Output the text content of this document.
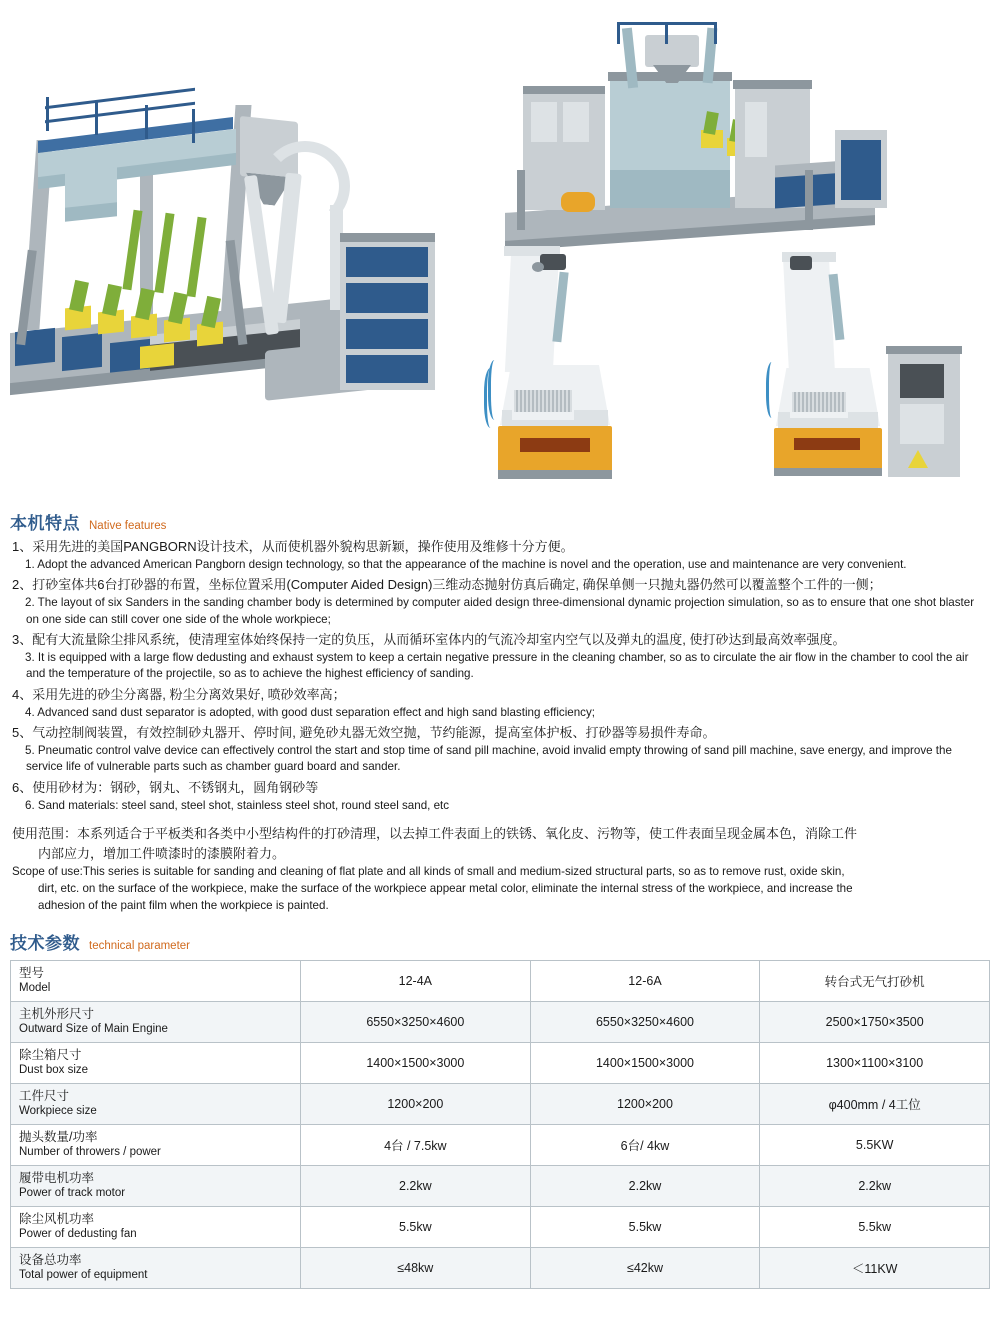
本机特点 Native features
1、采用先进的美国PANGBORN设计技术，从而使机器外貌构思新颖，操作使用及维修十分方便。
1. Adopt the advanced American Pangborn design technology, so that the appearance of the machine is novel and the operation, use and maintenance are very convenient.
2、打砂室体共6台打砂器的布置，坐标位置采用(Computer Aided Design)三维动态抛射仿真后确定, 确保单侧一只抛丸器仍然可以覆盖整个工件的一侧；
2. The layout of six Sanders in the sanding chamber body is determined by computer aided design three-dimensional dynamic projection simulation, so as to ensure that one shot blaster on one side can still cover one side of the whole workpiece;
3、配有大流量除尘排风系统，使清理室体始终保持一定的负压，从而循环室体内的气流冷却室内空气以及弹丸的温度, 使打砂达到最高效率强度。
3. It is equipped with a large flow dedusting and exhaust system to keep a certain negative pressure in the cleaning chamber, so as to circulate the air flow in the chamber to cool the air and the temperature of the projectile, so as to achieve the highest efficiency of sanding.
4、采用先进的砂尘分离器, 粉尘分离效果好, 喷砂效率高；
4. Advanced sand dust separator is adopted, with good dust separation effect and high sand blasting efficiency;
5、气动控制阀装置，有效控制砂丸器开、停时间, 避免砂丸器无效空抛，节约能源，提高室体护板、打砂器等易损件寿命。
5. Pneumatic control valve device can effectively control the start and stop time of sand pill machine, avoid invalid empty throwing of sand pill machine, save energy, and improve the service life of vulnerable parts such as chamber guard board and sander.
6、使用砂材为：钢砂，钢丸、不锈钢丸，圆角钢砂等
6. Sand materials: steel sand, steel shot, stainless steel shot, round steel sand, etc
使用范围：本系列适合于平板类和各类中小型结构件的打砂清理，以去掉工件表面上的铁锈、氧化皮、污物等，使工件表面呈现金属本色，消除工件
内部应力，增加工件喷漆时的漆膜附着力。
Scope of use:This series is suitable for sanding and cleaning of flat plate and all kinds of small and medium-sized structural parts, so as to remove rust, oxide skin,
dirt, etc. on the surface of the workpiece, make the surface of the workpiece appear metal color, eliminate the internal stress of the workpiece, and increase the
adhesion of the paint film when the workpiece is painted.
技术参数 technical parameter
型号
Model	12-4A	12-6A	转台式无气打砂机

主机外形尺寸
Outward Size of Main Engine	6550×3250×4600	6550×3250×4600	2500×1750×3500

除尘箱尺寸
Dust box size	1400×1500×3000	1400×1500×3000	1300×1100×3100

工件尺寸
Workpiece size	1200×200	1200×200	φ400mm / 4工位

抛头数量/功率
Number of throwers / power	4台 / 7.5kw	6台/ 4kw	5.5KW

履带电机功率
Power of track motor	2.2kw	2.2kw	2.2kw

除尘风机功率
Power of dedusting fan	5.5kw	5.5kw	5.5kw

设备总功率
Total power of equipment	≤48kw	≤42kw	＜11KW
